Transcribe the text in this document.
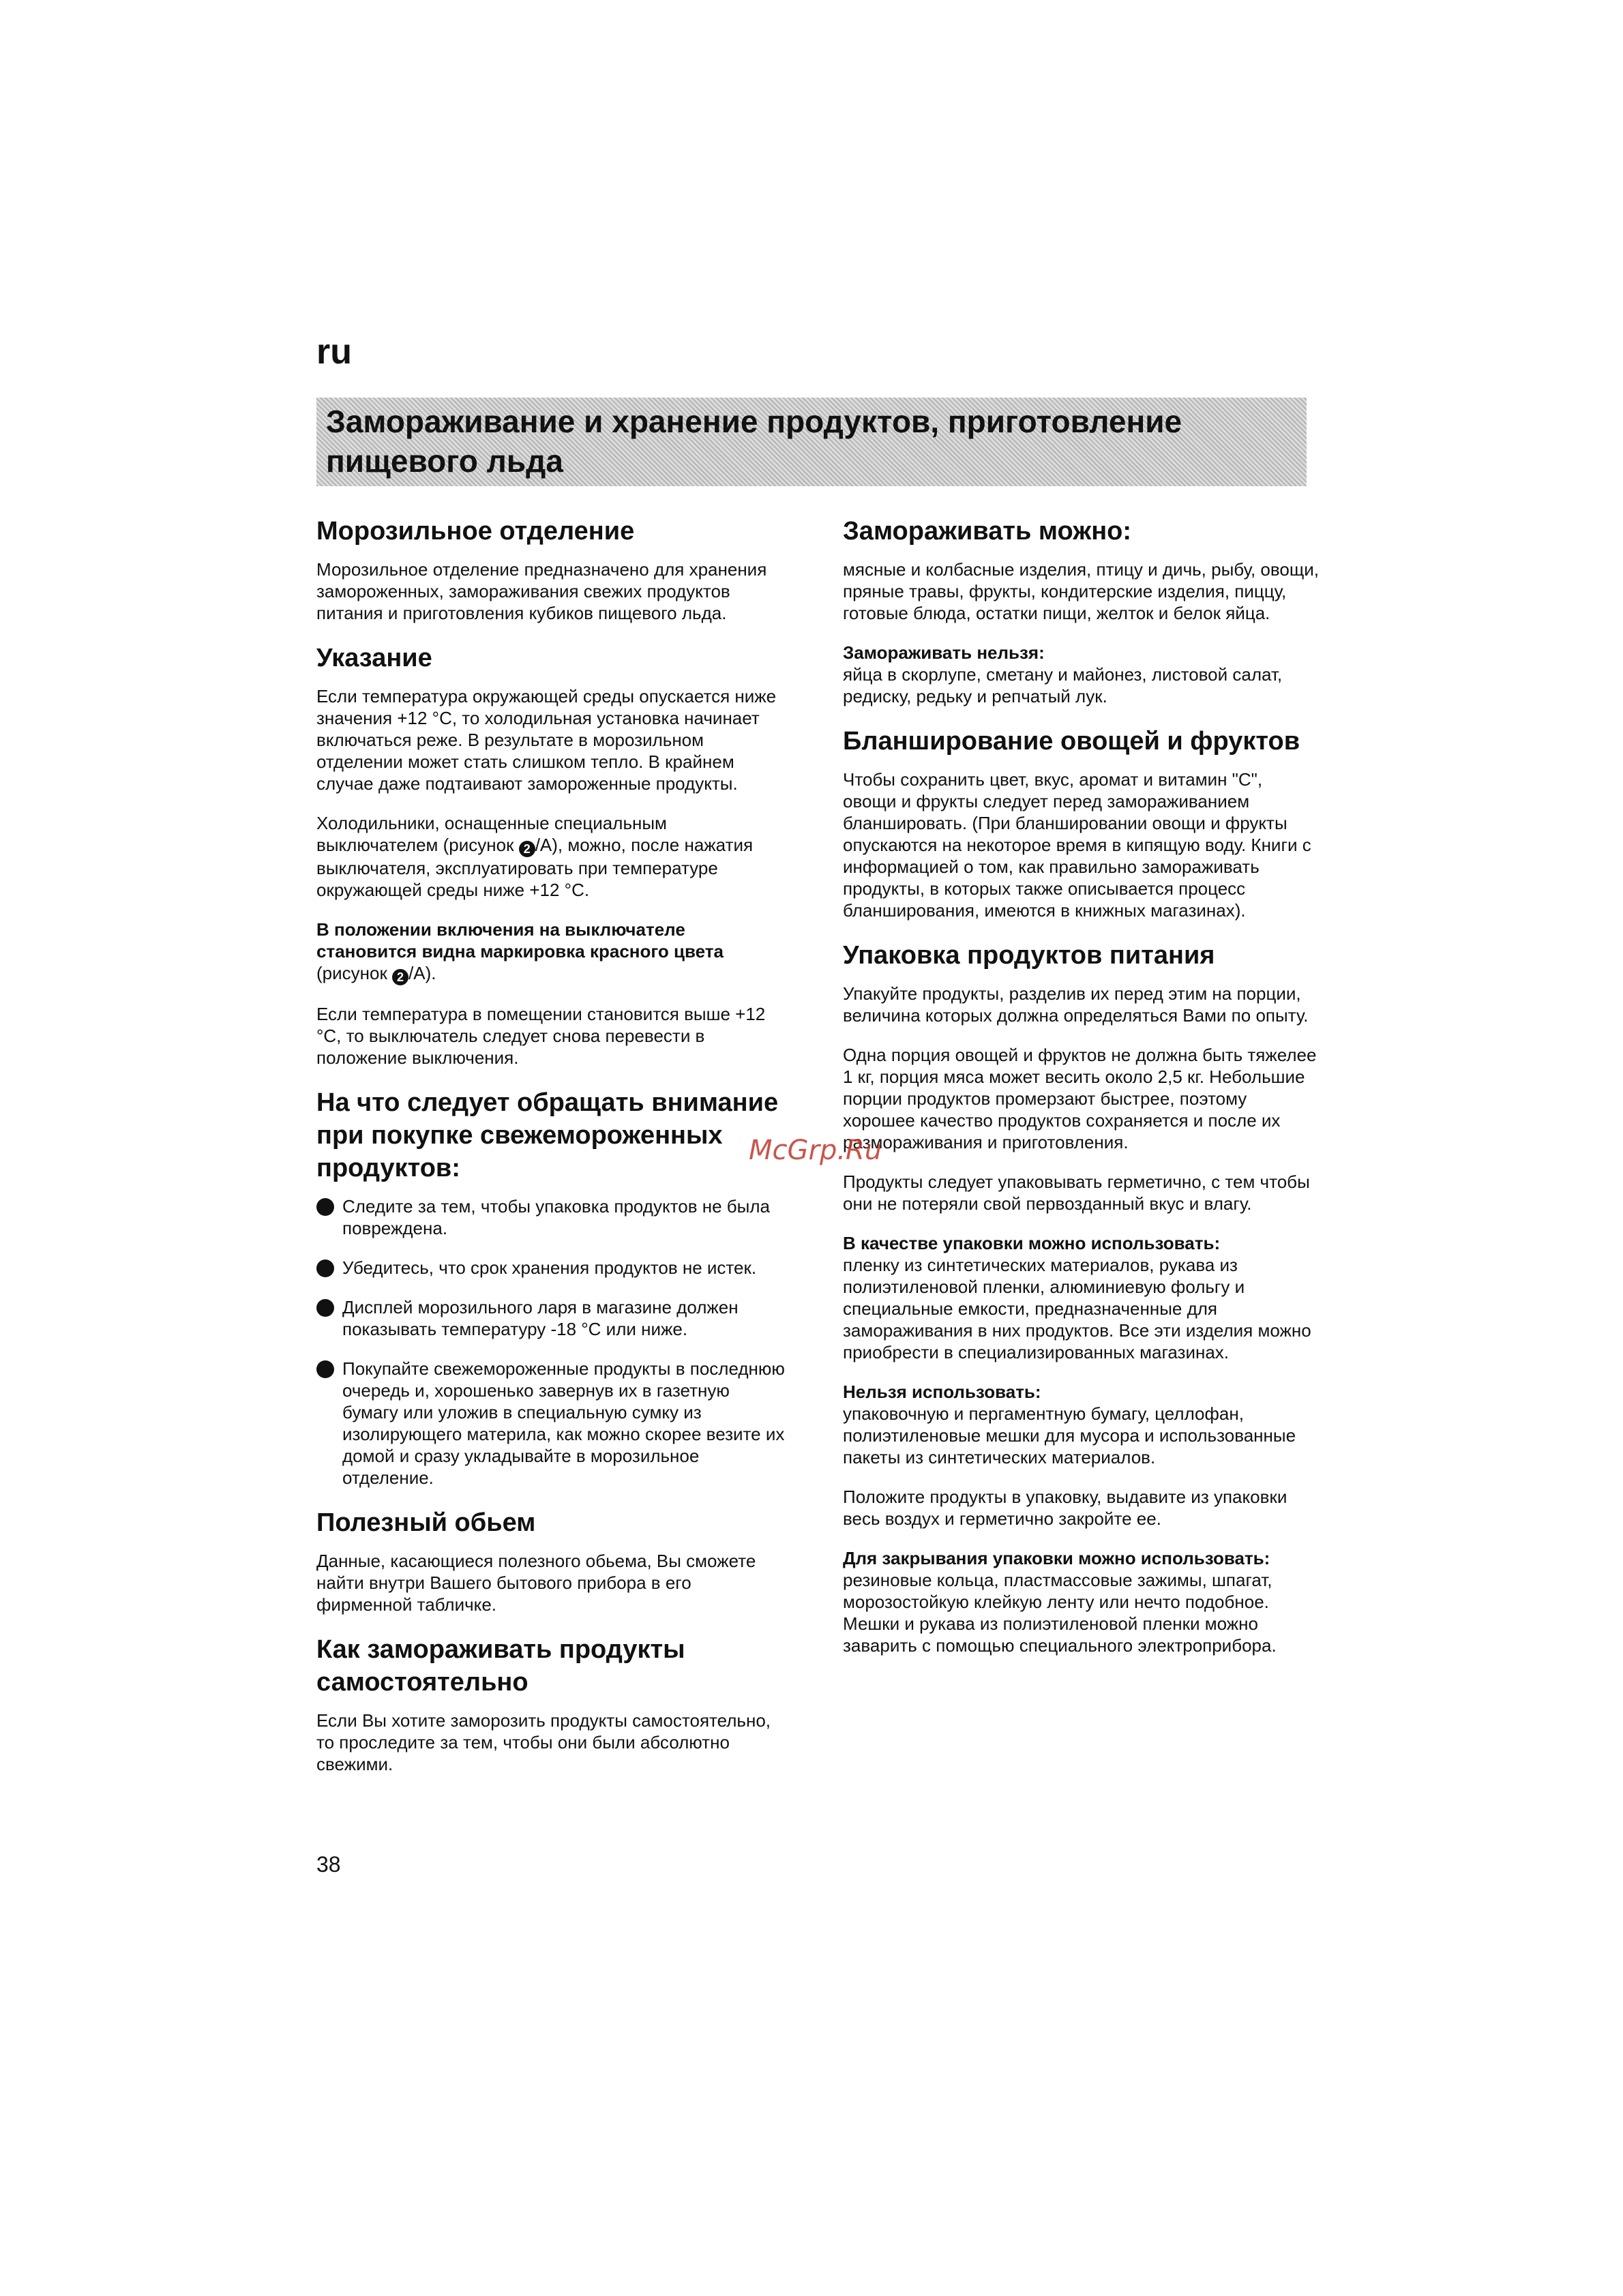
ru
Замораживание и хранение продуктов, приготовление пищевого льда
Морозильное отделение

Морозильное отделение предназначено для хранения замороженных, замораживания свежих продуктов питания и приготовления кубиков пищевого льда.

Указание

Если температура окружающей среды опускается ниже значения +12 °C, то холодильная установка начинает включаться реже. В результате в морозильном отделении может стать слишком тепло. В крайнем случае даже подтаивают замороженные продукты.

Холодильники, оснащенные специальным выключателем (рисунок 2 /A), можно, после нажатия выключателя, эксплуатировать при температуре окружающей среды ниже +12 °C.

В положении включения на выключателе становится видна маркировка красного цвета (рисунок 2 /A).

Если температура в помещении становится выше +12 °C, то выключатель следует снова перевести в положение выключения.

На что следует обращать внимание при покупке свежемороженных продуктов:
Следите за тем, чтобы упаковка продуктов не была повреждена.
Убедитесь, что срок хранения продуктов не истек.
Дисплей морозильного ларя в магазине должен показывать температуру -18 °C или ниже.
Покупайте свежемороженные продукты в последнюю очередь и, хорошенько завернув их в газетную бумагу или уложив в специальную сумку из изолирующего материла, как можно скорее везите их домой и сразу укладывайте в морозильное отделение.
Полезный обьем

Данные, касающиеся полезного обьема, Вы сможете найти внутри Вашего бытового прибора в его фирменной табличке.

Как замораживать продукты самостоятельно

Если Вы хотите заморозить продукты самостоятельно, то проследите за тем, чтобы они были абсолютно свежими.

Замораживать можно:

мясные и колбасные изделия, птицу и дичь, рыбу, овощи, пряные травы, фрукты, кондитерские изделия, пиццу, готовые блюда, остатки пищи, желток и белок яйца.

Замораживать нельзя:

яйца в скорлупе, сметану и майонез, листовой салат, редиску, редьку и репчатый лук.

Бланширование овощей и фруктов

Чтобы сохранить цвет, вкус, аромат и витамин "С", овощи и фрукты следует перед замораживанием бланшировать. (При бланшировании овощи и фрукты опускаются на некоторое время в кипящую воду. Книги с информацией о том, как правильно замораживать продукты, в которых также описывается процесс бланширования, имеются в книжных магазинах).

Упаковка продуктов питания

Упакуйте продукты, разделив их перед этим на порции, величина которых должна определяться Вами по опыту.

Одна порция овощей и фруктов не должна быть тяжелее 1 кг, порция мяса может весить около 2,5 кг. Небольшие порции продуктов промерзают быстрее, поэтому хорошее качество продуктов сохраняется и после их размораживания и приготовления.

Продукты следует упаковывать герметично, с тем чтобы они не потеряли свой первозданный вкус и влагу.

В качестве упаковки можно использовать:

пленку из синтетических материалов, рукава из полиэтиленовой пленки, алюминиевую фольгу и специальные емкости, предназначенные для замораживания в них продуктов. Все эти изделия можно приобрести в специализированных магазинах.

Нельзя использовать:

упаковочную и пергаментную бумагу, целлофан, полиэтиленовые мешки для мусора и использованные пакеты из синтетических материалов.

Положите продукты в упаковку, выдавите из упаковки весь воздух и герметично закройте ее.

Для закрывания упаковки можно использовать:

резиновые кольца, пластмассовые зажимы, шпагат, морозостойкую клейкую ленту или нечто подобное. Мешки и рукава из полиэтиленовой пленки можно заварить с помощью специального электроприбора.

McGrp.Ru
38
